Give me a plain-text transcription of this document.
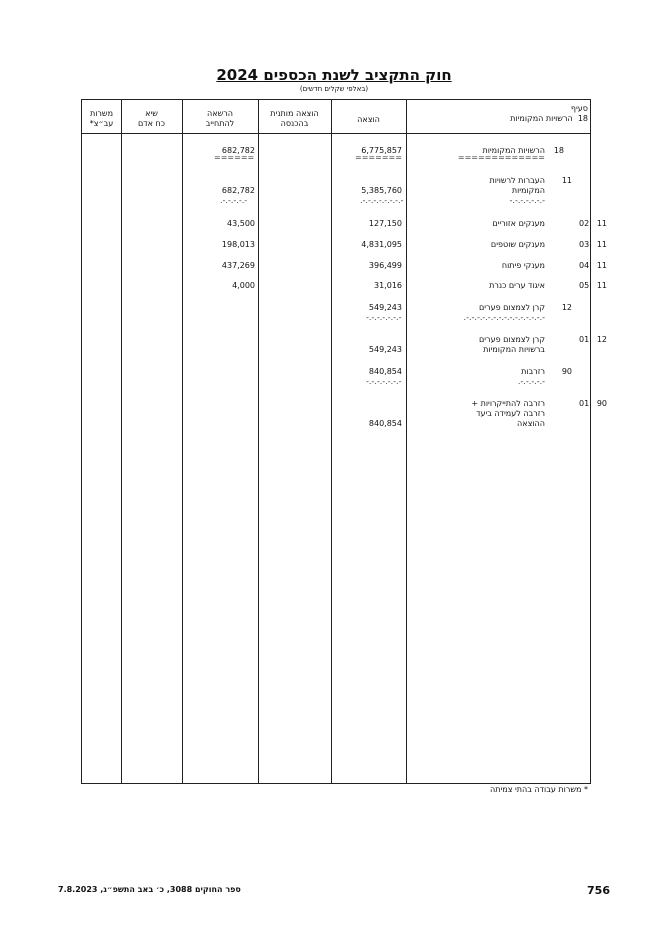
חוק התקציב לשנת הכספים 2024
(באלפי שקלים חדשים)
סעיף
18  הרשויות המקומיות
הוצאה
הוצאה מותנית
בהכנסה
הרשאה
להתחייב
שיא
כח אדם
משרות
עב״צ*
18
הרשויות המקומיות
=============
6,775,857
=======
682,782
======
11
העברות לרשויות המקומיות
-.-.-.-.-.-.-
5,385,760
-.-.-.-.-.-.-.-.
682,782
-.-.-.-.-.
11   02
מענקים אזוריים
127,150
43,500
11   03
מענקים שוטפים
4,831,095
198,013
11   04
מענקי פיתוח
396,499
437,269
11   05
איגוד ערים כנרת
31,016
4,000
12
קרן לצמצום פערים
-.-.-.-.-.-.-.-.-.-.-.-.-.-.-.
549,243
-.-.-.-.-.-.-
12   01
קרן לצמצום פערים ברשויות המקומיות
549,243
90
רזרבות
-.-.-.-.-.
840,854
-.-.-.-.-.-.-
90   01
רזרבה להתייקרויות + רזרבה לעמידה ביעד ההוצאה
840,854
* משרות עבודה בהתי צמיתה
ספר החוקים 3088, כ׳ באב התשפ״ג, 7.8.2023	756
